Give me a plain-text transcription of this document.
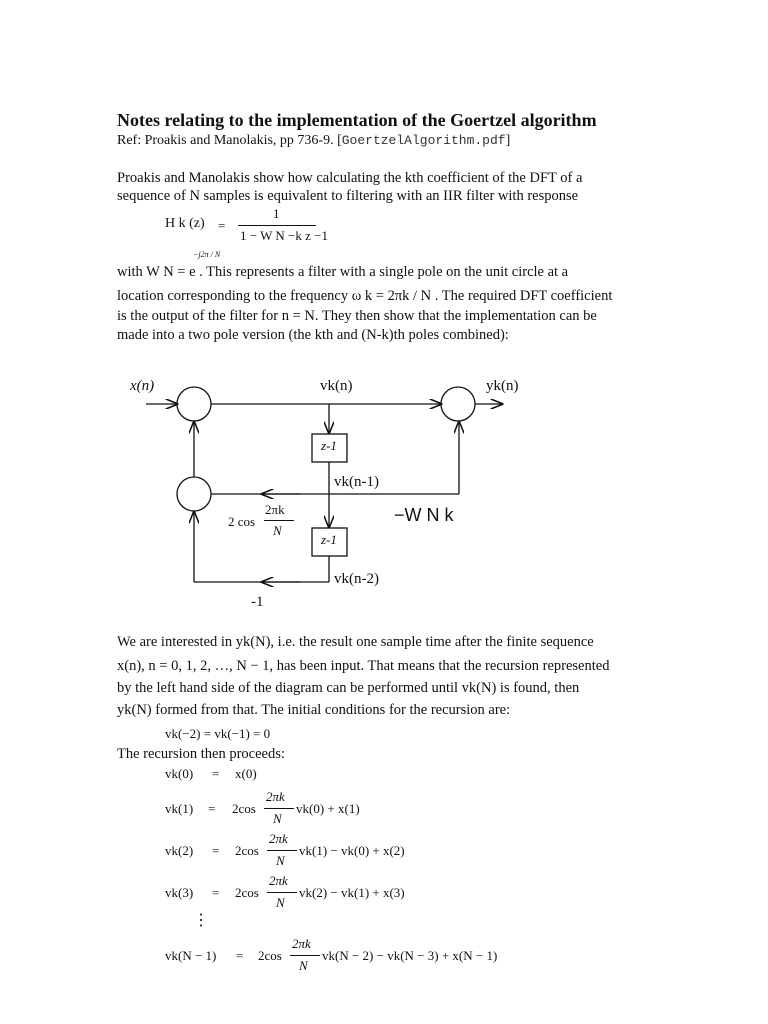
Notes relating to the implementation of the Goertzel algorithm
Ref: Proakis and Manolakis, pp 736-9. [GoertzelAlgorithm.pdf]
Proakis and Manolakis show how calculating the kth coefficient of the DFT of a
sequence of N samples is equivalent to filtering with an IIR filter with response
H k (z) =
1
1 − W N −k z −1
−j2π / N
with W N = e . This represents a filter with a single pole on the unit circle at a
location corresponding to the frequency ω k = 2πk / N . The required DFT coefficient
is the output of the filter for n = N. They then show that the implementation can be
made into a two pole version (the kth and (N-k)th poles combined):
x(n)	vk(n)	yk(n)
z-1
vk(n-1)
2 cos
2πk
N
−W N k
z-1
vk(n-2)
-1
We are interested in yk(N), i.e. the result one sample time after the finite sequence
x(n), n = 0, 1, 2, …, N − 1, has been input. That means that the recursion represented
by the left hand side of the diagram can be performed until vk(N) is found, then
yk(N) formed from that. The initial conditions for the recursion are:
vk(−2) = vk(−1) = 0
The recursion then proceeds:
vk(0) = x(0)
vk(1) = 2cos
2πk
N
vk(0) + x(1)
vk(2) = 2cos
2πk
N
vk(1) − vk(0) + x(2)
vk(3) = 2cos
2πk
N
vk(2) − vk(1) + x(3)
⋮
vk(N − 1) = 2cos
2πk
N
vk(N − 2) − vk(N − 3) + x(N − 1)
